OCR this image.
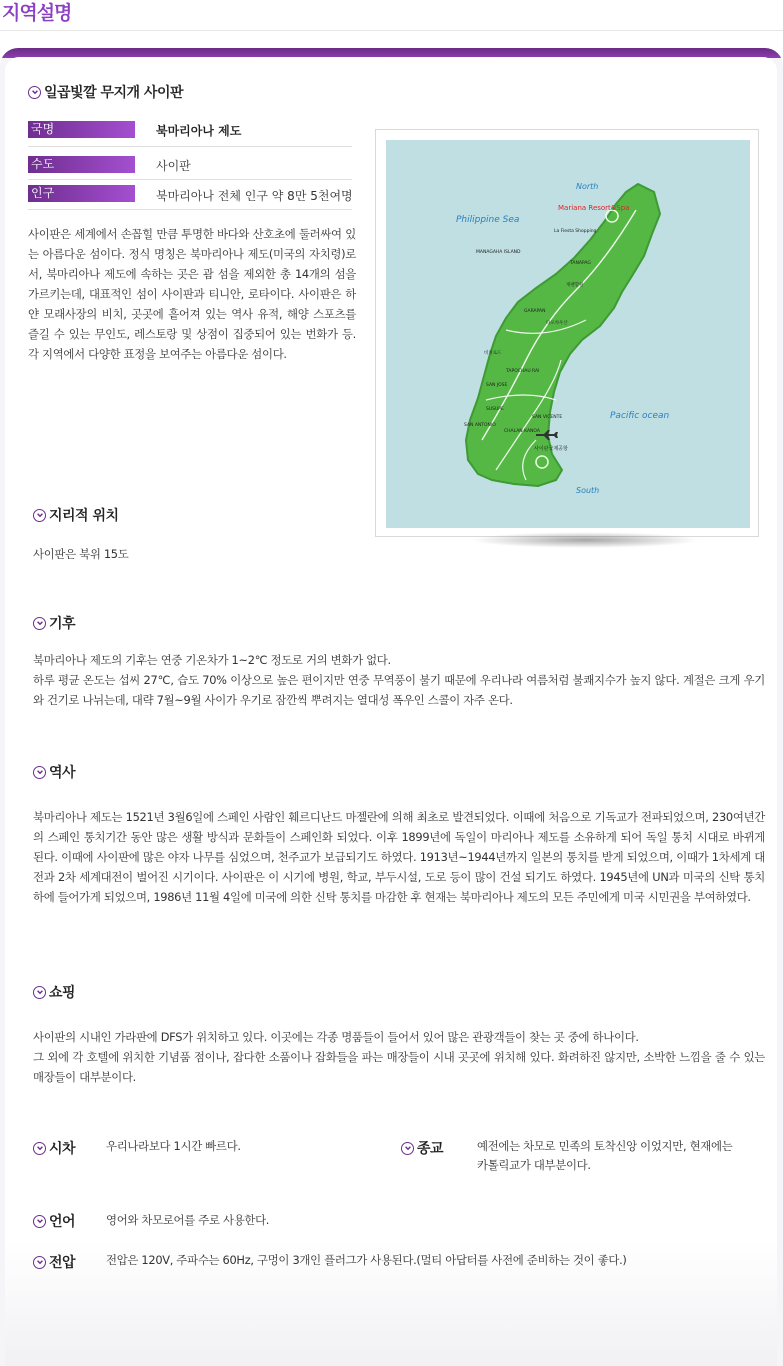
지역설명
일곱빛깔 무지개 사이판
국명	북마리아나 제도
수도	사이판
인구	북마리아나 전체 인구 약 8만 5천여명

사이판은 세계에서 손꼽힐 만큼 투명한 바다와 산호초에 둘러싸여 있는 아름다운 섬이다. 정식 명칭은 북마리아나 제도(미국의 자치령)로서, 북마리아나 제도에 속하는 곳은 괌 섬을 제외한 총 14개의 섬을 가르키는데, 대표적인 섬이 사이판과 티니안, 로타이다. 사이판은 하얀 모래사장의 비치, 곳곳에 흩어져 있는 역사 유적, 해양 스포츠를 즐길 수 있는 무인도, 레스토랑 및 상점이 집중되어 있는 번화가 등. 각 지역에서 다양한 표정을 보여주는 아름다운 섬이다.

North
South
Philippine Sea
Pacific ocean
Mariana Resort&Spa
La Fiesta Shopping
MANAGAHA ISLAND
TANAPAG
GARAPAN
SUSUPE
SAN VICENTE
SAN ANTONIO
CHALAN KANOA
사이판국제공항
비치로드
타포차우산
재팬할원
SAN JOSE
TAPOCHAU RAI
지리적 위치
사이판은 북위 15도
기후

북마리아나 제도의 기후는 연중 기온차가 1~2℃ 정도로 거의 변화가 없다.

하루 평균 온도는 섭씨 27℃, 습도 70% 이상으로 높은 편이지만 연중 무역풍이 불기 때문에 우리나라 여름처럼 불쾌지수가 높지 않다. 계절은 크게 우기와 건기로 나뉘는데, 대략 7월~9월 사이가 우기로 잠깐씩 뿌려지는 열대성 폭우인 스콜이 자주 온다.

역사

북마리아나 제도는 1521년 3월6일에 스페인 사람인 훼르디난드 마젤란에 의해 최초로 발견되었다. 이때에 처음으로 기독교가 전파되었으며, 230여년간의 스페인 통치기간 동안 많은 생활 방식과 문화들이 스페인화 되었다. 이후 1899년에 독일이 마리아나 제도를 소유하게 되어 독일 통치 시대로 바뀌게 된다. 이때에 사이판에 많은 야자 나무를 심었으며, 천주교가 보급되기도 하였다. 1913년~1944년까지 일본의 통치를 받게 되었으며, 이때가 1차세계 대전과 2차 세계대전이 벌어진 시기이다. 사이판은 이 시기에 병원, 학교, 부두시설, 도로 등이 많이 건설 되기도 하였다. 1945년에 UN과 미국의 신탁 통치하에 들어가게 되었으며, 1986년 11월 4일에 미국에 의한 신탁 통치를 마감한 후 현재는 북마리아나 제도의 모든 주민에게 미국 시민권을 부여하였다.

쇼핑

사이판의 시내인 가라판에 DFS가 위치하고 있다. 이곳에는 각종 명품들이 들어서 있어 많은 관광객들이 찾는 곳 중에 하나이다.

그 외에 각 호텔에 위치한 기념품 점이나, 잡다한 소품이나 잡화들을 파는 매장들이 시내 곳곳에 위치해 있다. 화려하진 않지만, 소박한 느낌을 줄 수 있는 매장들이 대부분이다.

시차	우리나라보다 1시간 빠르다.	종교	예전에는 차모로 민족의 토착신앙 이었지만, 현재에는
카톨릭교가 대부분이다.
언어	영어와 차모로어를 주로 사용한다.
전압	전압은 120V, 주파수는 60Hz, 구멍이 3개인 플러그가 사용된다.(멀티 아답터를 사전에 준비하는 것이 좋다.)
